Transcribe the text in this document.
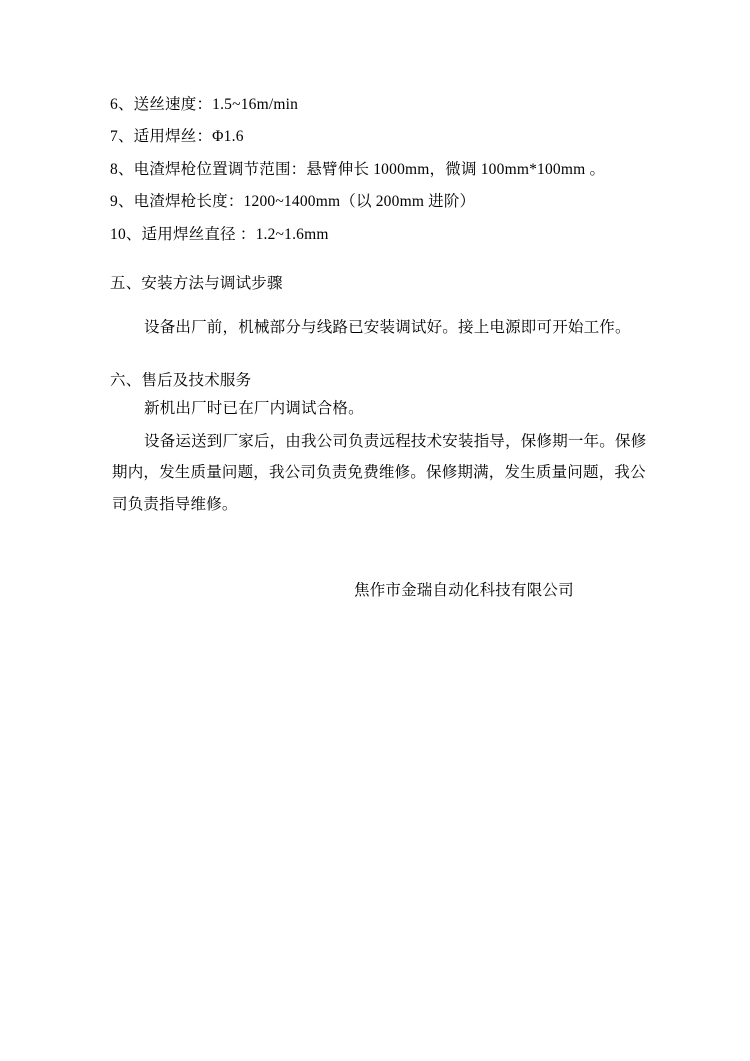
6、送丝速度：1.5~16m/min
7、适用焊丝：Φ1.6
8、电渣焊枪位置调节范围：悬臂伸长 1000mm，微调 100mm*100mm 。
9、电渣焊枪长度：1200~1400mm（以 200mm 进阶）
10、适用焊丝直径 ：1.2~1.6mm
五、安装方法与调试步骤
设备出厂前，机械部分与线路已安装调试好。接上电源即可开始工作。
六、售后及技术服务
新机出厂时已在厂内调试合格。
设备运送到厂家后，由我公司负责远程技术安装指导，保修期一年。保修
期内，发生质量问题，我公司负责免费维修。保修期满，发生质量问题，我公
司负责指导维修。
焦作市金瑞自动化科技有限公司
